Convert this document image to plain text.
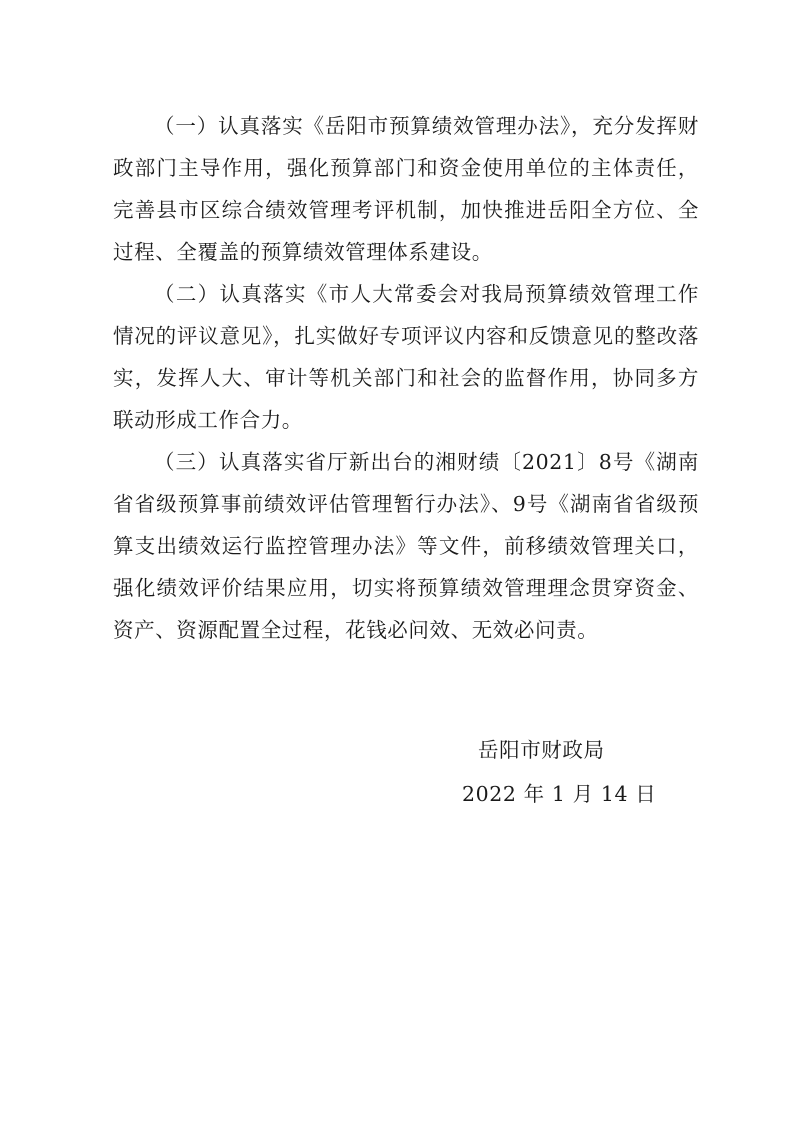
（一）认真落实《岳阳市预算绩效管理办法》，充分发挥财政部门主导作用，强化预算部门和资金使用单位的主体责任，完善县市区综合绩效管理考评机制，加快推进岳阳全方位、全过程、全覆盖的预算绩效管理体系建设。

（二）认真落实《市人大常委会对我局预算绩效管理工作情况的评议意见》，扎实做好专项评议内容和反馈意见的整改落实，发挥人大、审计等机关部门和社会的监督作用，协同多方联动形成工作合力。

（三）认真落实省厅新出台的湘财绩〔2021〕8号《湖南省省级预算事前绩效评估管理暂行办法》、9号《湖南省省级预算支出绩效运行监控管理办法》等文件，前移绩效管理关口，强化绩效评价结果应用，切实将预算绩效管理理念贯穿资金、资产、资源配置全过程，花钱必问效、无效必问责。

岳阳市财政局
2022 年 1 月 14 日
